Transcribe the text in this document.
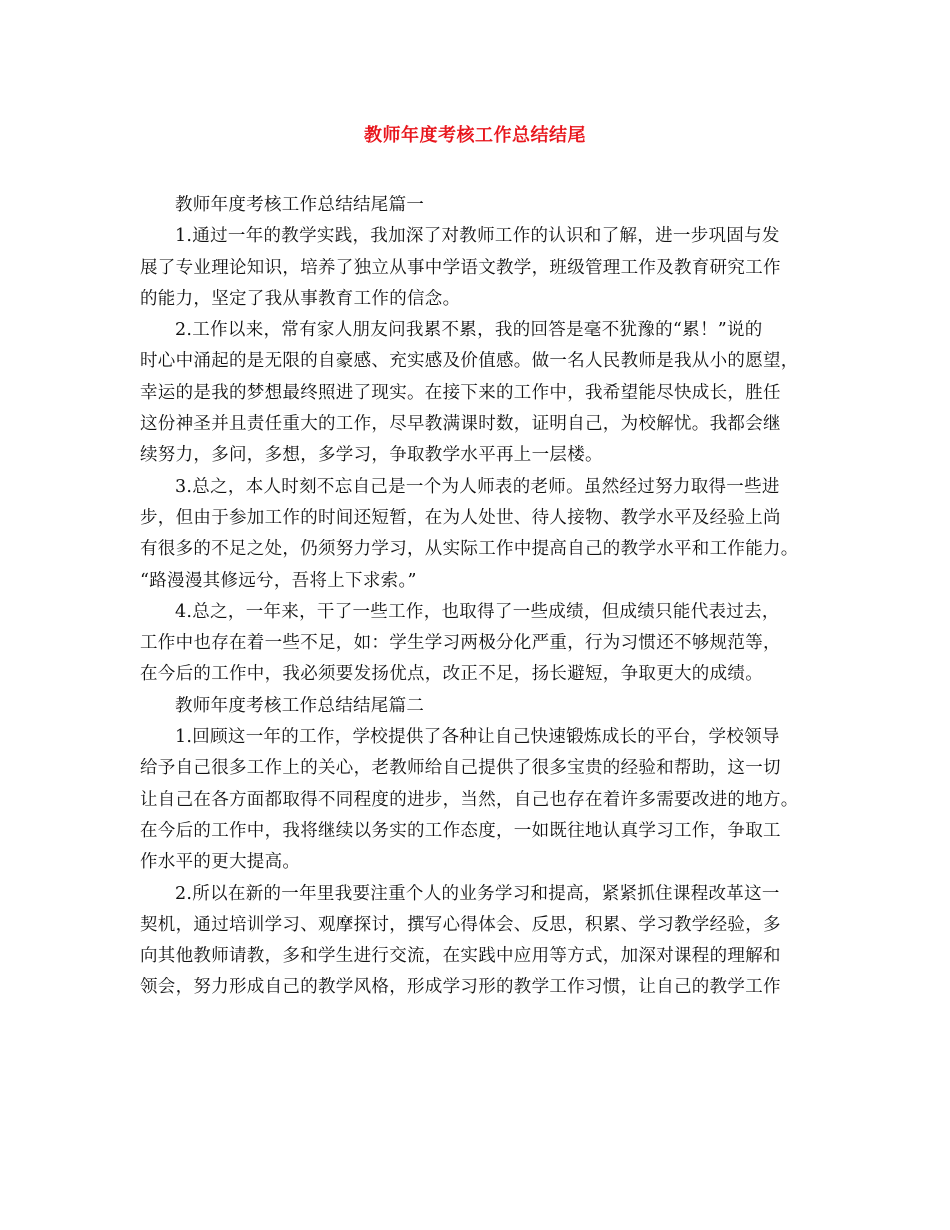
教师年度考核工作总结结尾

教师年度考核工作总结结尾篇一

1.通过一年的教学实践，我加深了对教师工作的认识和了解，进一步巩固与发
展了专业理论知识，培养了独立从事中学语文教学，班级管理工作及教育研究工作
的能力，坚定了我从事教育工作的信念。

2.工作以来，常有家人朋友问我累不累，我的回答是毫不犹豫的“累！”说的
时心中涌起的是无限的自豪感、充实感及价值感。做一名人民教师是我从小的愿望，
幸运的是我的梦想最终照进了现实。在接下来的工作中，我希望能尽快成长，胜任
这份神圣并且责任重大的工作，尽早教满课时数，证明自己，为校解忧。我都会继
续努力，多问，多想，多学习，争取教学水平再上一层楼。

3.总之，本人时刻不忘自己是一个为人师表的老师。虽然经过努力取得一些进
步，但由于参加工作的时间还短暂，在为人处世、待人接物、教学水平及经验上尚
有很多的不足之处，仍须努力学习，从实际工作中提高自己的教学水平和工作能力。
“路漫漫其修远兮，吾将上下求索。”

4.总之，一年来，干了一些工作，也取得了一些成绩，但成绩只能代表过去，
工作中也存在着一些不足，如：学生学习两极分化严重，行为习惯还不够规范等，
在今后的工作中，我必须要发扬优点，改正不足，扬长避短，争取更大的成绩。

教师年度考核工作总结结尾篇二

1.回顾这一年的工作，学校提供了各种让自己快速锻炼成长的平台，学校领导
给予自己很多工作上的关心，老教师给自己提供了很多宝贵的经验和帮助，这一切
让自己在各方面都取得不同程度的进步，当然，自己也存在着许多需要改进的地方。
在今后的工作中，我将继续以务实的工作态度，一如既往地认真学习工作，争取工
作水平的更大提高。

2.所以在新的一年里我要注重个人的业务学习和提高，紧紧抓住课程改革这一
契机，通过培训学习、观摩探讨，撰写心得体会、反思，积累、学习教学经验，多
向其他教师请教，多和学生进行交流，在实践中应用等方式，加深对课程的理解和
领会，努力形成自己的教学风格，形成学习形的教学工作习惯，让自己的教学工作
